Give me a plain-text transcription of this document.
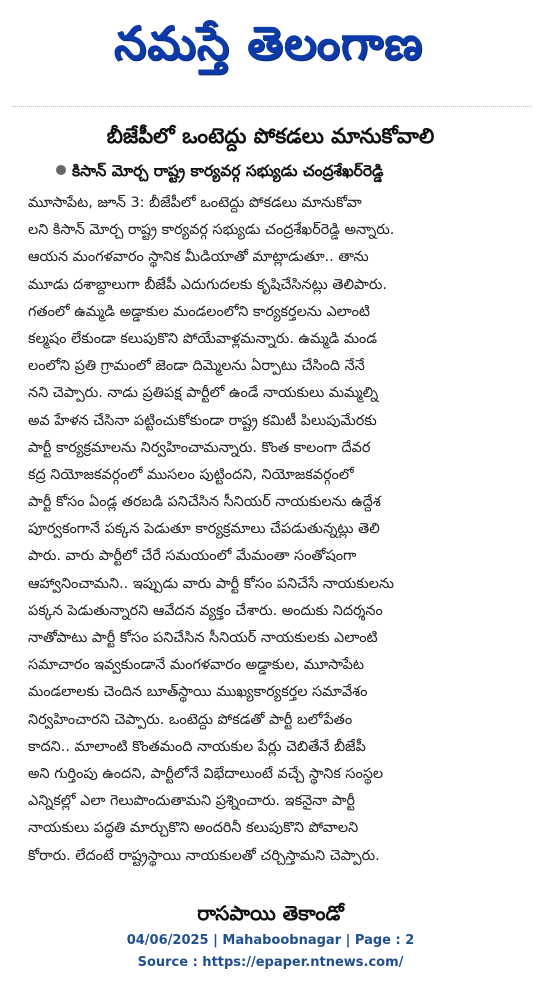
నమస్తే తెలంగాణ
బీజేపీలో ఒంటెద్దు పోకడలు మానుకోవాలి
కిసాన్ మోర్చ రాష్ట్ర కార్యవర్గ సభ్యుడు చంద్రశేఖర్‌రెడ్డి
మూసాపేట, జూన్ 3: బీజేపీలో ఒంటెద్దు పోకడలు మానుకోవా
లని కిసాన్ మోర్చ రాష్ట్ర కార్యవర్గ సభ్యుడు చంద్రశేఖర్‌రెడ్డి అన్నారు.
ఆయన మంగళవారం స్థానిక మీడియాతో మాట్లాడుతూ.. తాను
మూడు దశాబ్దాలుగా బీజేపీ ఎదుగుదలకు కృషిచేసినట్లు తెలిపారు.
గతంలో ఉమ్మడి అడ్డాకుల మండలంలోని కార్యకర్తలను ఎలాంటి
కల్మషం లేకుండా కలుపుకొని పోయేవాళ్లమన్నారు. ఉమ్మడి మండ
లంలోని ప్రతి గ్రామంలో జెండా దిమ్మెలను ఏర్పాటు చేసింది నేనే
నని చెప్పారు. నాడు ప్రతిపక్ష పార్టీలో ఉండే నాయకులు మమ్మల్ని
అవ హేళన చేసినా పట్టించుకోకుండా రాష్ట్ర కమిటీ పిలుపుమేరకు
పార్టీ కార్యక్రమాలను నిర్వహించామన్నారు. కొంత కాలంగా దేవర
కద్ర నియోజకవర్గంలో ముసలం పుట్టిందని, నియోజకవర్గంలో
పార్టీ కోసం ఏండ్ల తరబడి పనిచేసిన సీనియర్ నాయకులను ఉద్దేశ
పూర్వకంగానే పక్కన పెడుతూ కార్యక్రమాలు చేపడుతున్నట్లు తెలి
పారు. వారు పార్టీలో చేరే సమయంలో మేమంతా సంతోషంగా
ఆహ్వానించామని.. ఇప్పుడు వారు పార్టీ కోసం పనిచేసే నాయకులను
పక్కన పెడుతున్నారని ఆవేదన వ్యక్తం చేశారు. అందుకు నిదర్శనం
నాతోపాటు పార్టీ కోసం పనిచేసిన సీనియర్ నాయకులకు ఎలాంటి
సమాచారం ఇవ్వకుండానే మంగళవారం అడ్డాకుల, మూసాపేట
మండలాలకు చెందిన బూత్‌స్థాయి ముఖ్యకార్యకర్తల సమావేశం
నిర్వహించారని చెప్పారు. ఒంటెద్దు పోకడతో పార్టీ బలోపేతం
కాదని.. మాలాంటి కొంతమంది నాయకుల పేర్లు చెబితేనే బీజేపీ
అని గుర్తింపు ఉందని, పార్టీలోనే విభేదాలుంటే వచ్చే స్థానిక సంస్థల
ఎన్నికల్లో ఎలా గెలుపొందుతామని ప్రశ్నించారు. ఇకనైనా పార్టీ
నాయకులు పద్ధతి మార్చుకొని అందరినీ కలుపుకొని పోవాలని
కోరారు. లేదంటే రాష్ట్రస్థాయి నాయకులతో చర్చిస్తామని చెప్పారు.
రాసపాయి తెకాండో
04/06/2025 | Mahaboobnagar | Page : 2
Source : https://epaper.ntnews.com/
